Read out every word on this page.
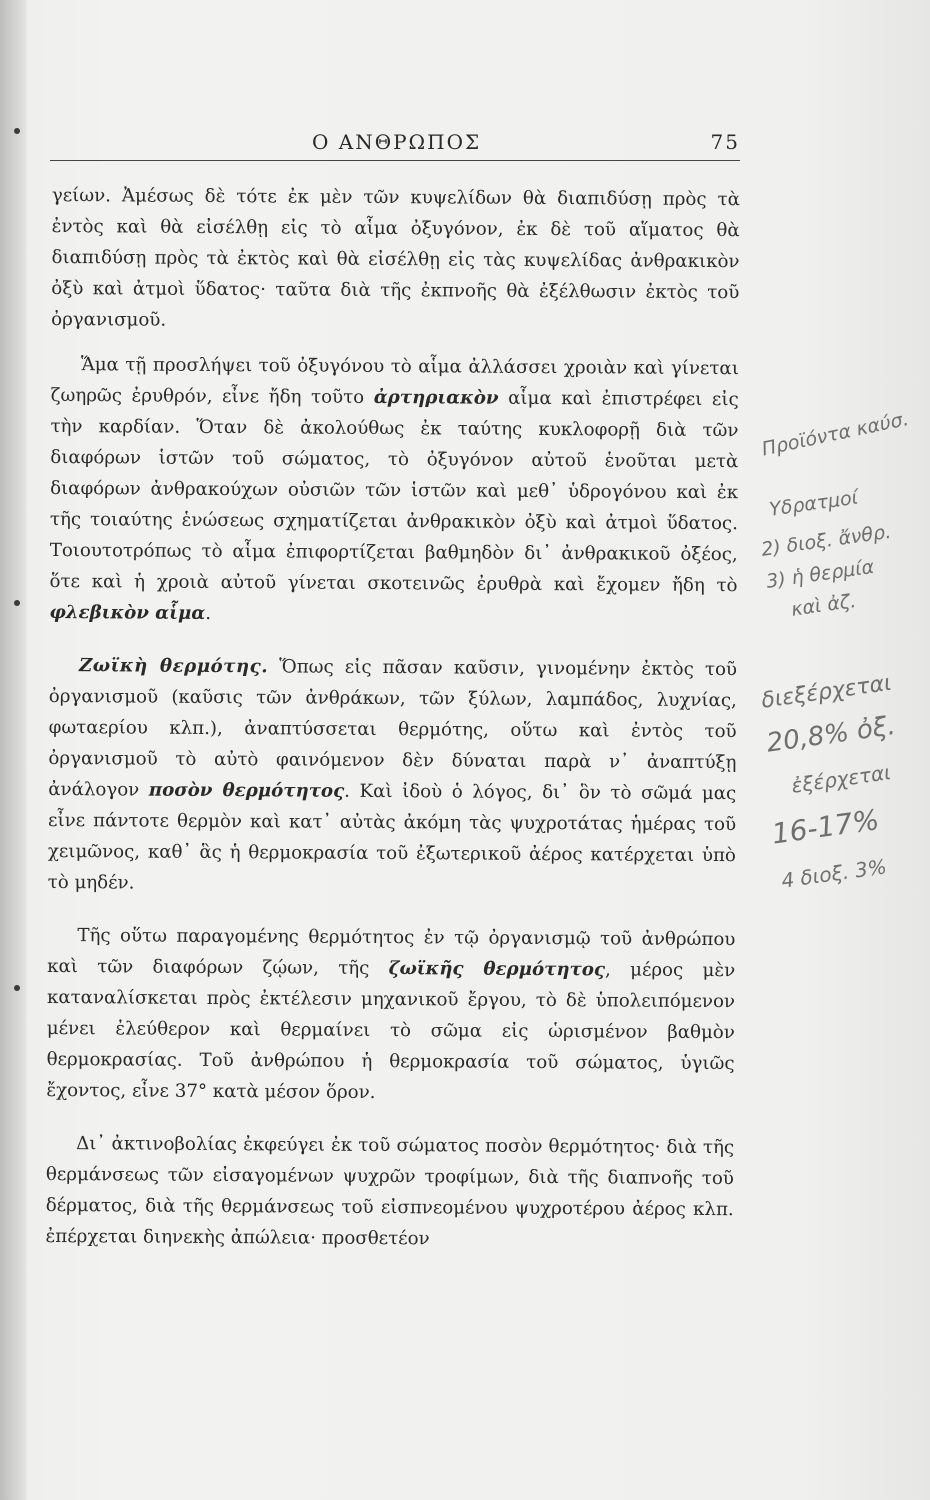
Ο ΑΝΘΡΩΠΟΣ	75

γείων. Ἀμέσως δὲ τότε ἐκ μὲν τῶν κυψελίδων θὰ διαπιδύσῃ πρὸς τὰ ἐντὸς καὶ θὰ εἰσέλθῃ εἰς τὸ αἷμα ὀξυγόνον, ἐκ δὲ τοῦ αἵματος θὰ διαπιδύσῃ πρὸς τὰ ἐκτὸς καὶ θὰ εἰσέλθῃ εἰς τὰς κυψελίδας ἀνθρακικὸν ὀξὺ καὶ ἀτμοὶ ὕδατος· ταῦτα διὰ τῆς ἐκπνοῆς θὰ ἐξέλθωσιν ἐκτὸς τοῦ ὀργανισμοῦ.

Ἅμα τῇ προσλήψει τοῦ ὀξυγόνου τὸ αἷμα ἀλλάσσει χροιὰν καὶ γίνεται ζωηρῶς ἐρυθρόν, εἶνε ἤδη τοῦτο ἀρτηριακὸν αἷμα καὶ ἐπιστρέφει εἰς τὴν καρδίαν. Ὅταν δὲ ἀκολούθως ἐκ ταύτης κυκλοφορῇ διὰ τῶν διαφόρων ἱστῶν τοῦ σώματος, τὸ ὀξυγόνον αὐτοῦ ἑνοῦται μετὰ διαφόρων ἀνθρακούχων οὐσιῶν τῶν ἱστῶν καὶ μεθ᾽ ὑδρογόνου καὶ ἐκ τῆς τοιαύτης ἑνώσεως σχηματίζεται ἀνθρακικὸν ὀξὺ καὶ ἀτμοὶ ὕδατος. Τοιουτοτρόπως τὸ αἷμα ἐπιφορτίζεται βαθμηδὸν δι᾽ ἀνθρακικοῦ ὀξέος, ὅτε καὶ ἡ χροιὰ αὐτοῦ γίνεται σκοτεινῶς ἐρυθρὰ καὶ ἔχομεν ἤδη τὸ φλεβικὸν αἷμα.

Ζωϊκὴ θερμότης. Ὅπως εἰς πᾶσαν καῦσιν, γινομένην ἐκτὸς τοῦ ὀργανισμοῦ (καῦσις τῶν ἀνθράκων, τῶν ξύλων, λαμπάδος, λυχνίας, φωταερίου κλπ.), ἀναπτύσσεται θερμότης, οὕτω καὶ ἐντὸς τοῦ ὀργανισμοῦ τὸ αὐτὸ φαινόμενον δὲν δύναται παρὰ ν᾽ ἀναπτύξῃ ἀνάλογον ποσὸν θερμότητος. Καὶ ἰδοὺ ὁ λόγος, δι᾽ ὃν τὸ σῶμά μας εἶνε πάντοτε θερμὸν καὶ κατ᾽ αὐτὰς ἀκόμη τὰς ψυχροτάτας ἡμέρας τοῦ χειμῶνος, καθ᾽ ἃς ἡ θερμοκρασία τοῦ ἐξωτερικοῦ ἀέρος κατέρχεται ὑπὸ τὸ μηδέν.

Τῆς οὕτω παραγομένης θερμότητος ἐν τῷ ὀργανισμῷ τοῦ ἀνθρώπου καὶ τῶν διαφόρων ζῴων, τῆς ζωϊκῆς θερμότητος, μέρος μὲν καταναλίσκεται πρὸς ἐκτέλεσιν μηχανικοῦ ἔργου, τὸ δὲ ὑπολειπόμενον μένει ἐλεύθερον καὶ θερμαίνει τὸ σῶμα εἰς ὡρισμένον βαθμὸν θερμοκρασίας. Τοῦ ἀνθρώπου ἡ θερμοκρασία τοῦ σώματος, ὑγιῶς ἔχοντος, εἶνε 37° κατὰ μέσον ὅρον.

Δι᾽ ἀκτινοβολίας ἐκφεύγει ἐκ τοῦ σώματος ποσὸν θερμότητος· διὰ τῆς θερμάνσεως τῶν εἰσαγομένων ψυχρῶν τροφίμων, διὰ τῆς διαπνοῆς τοῦ δέρματος, διὰ τῆς θερμάνσεως τοῦ εἰσπνεομένου ψυχροτέρου ἀέρος κλπ. ἐπέρχεται διηνεκὴς ἀπώλεια· προσθετέον

Προϊόντα καύσ.
Υδρατμοί
2) διοξ. ἄνθρ.
3) ἡ θερμία
καὶ ἀζ.
διεξέρχεται
20,8% ὀξ.
ἐξέρχεται
16-17%
4 διοξ. 3%
